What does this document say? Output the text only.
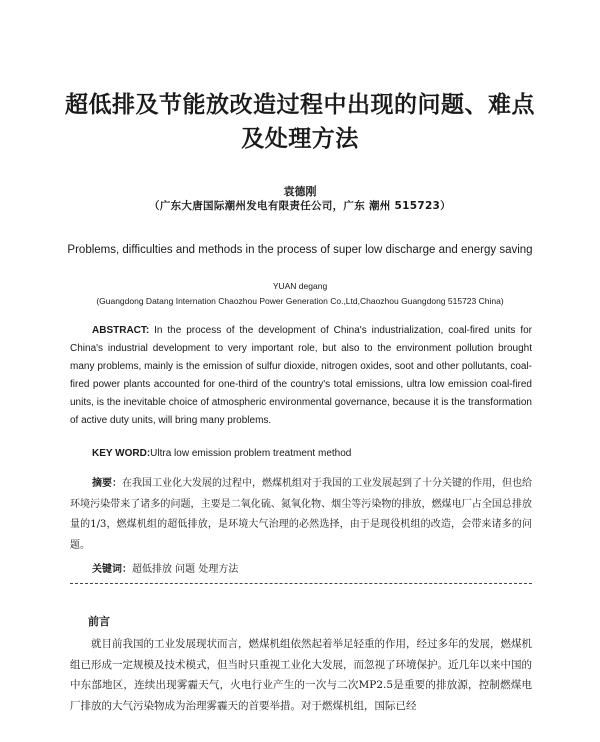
超低排及节能放改造过程中出现的问题、难点及处理方法
袁德刚
（广东大唐国际潮州发电有限责任公司，广东 潮州 515723）
Problems, difficulties and methods in the process of super low discharge and energy saving
YUAN degang
(Guangdong Datang Internation Chaozhou Power Generation Co.,Ltd,Chaozhou Guangdong 515723 China)
ABSTRACT: In the process of the development of China's industrialization, coal-fired units for China's industrial development to very important role, but also to the environment pollution brought many problems, mainly is the emission of sulfur dioxide, nitrogen oxides, soot and other pollutants, coal-fired power plants accounted for one-third of the country's total emissions, ultra low emission coal-fired units, is the inevitable choice of atmospheric environmental governance, because it is the transformation of active duty units, will bring many problems.
KEY WORD:Ultra low emission problem treatment method
摘要：在我国工业化大发展的过程中，燃煤机组对于我国的工业发展起到了十分关键的作用，但也给环境污染带来了诸多的问题，主要是二氧化硫、氮氧化物、烟尘等污染物的排放，燃煤电厂占全国总排放量的1/3，燃煤机组的超低排放，是环境大气治理的必然选择，由于是现役机组的改造，会带来诸多的问题。
关键词：超低排放 问题 处理方法
前言
就目前我国的工业发展现状而言，燃煤机组依然起着举足轻重的作用，经过多年的发展，燃煤机组已形成一定规模及技术模式，但当时只重视工业化大发展，而忽视了环境保护。近几年以来中国的中东部地区，连续出现雾霾天气，火电行业产生的一次与二次MP2.5是重要的排放源，控制燃煤电厂排放的大气污染物成为治理雾霾天的首要举措。对于燃煤机组，国际已经
